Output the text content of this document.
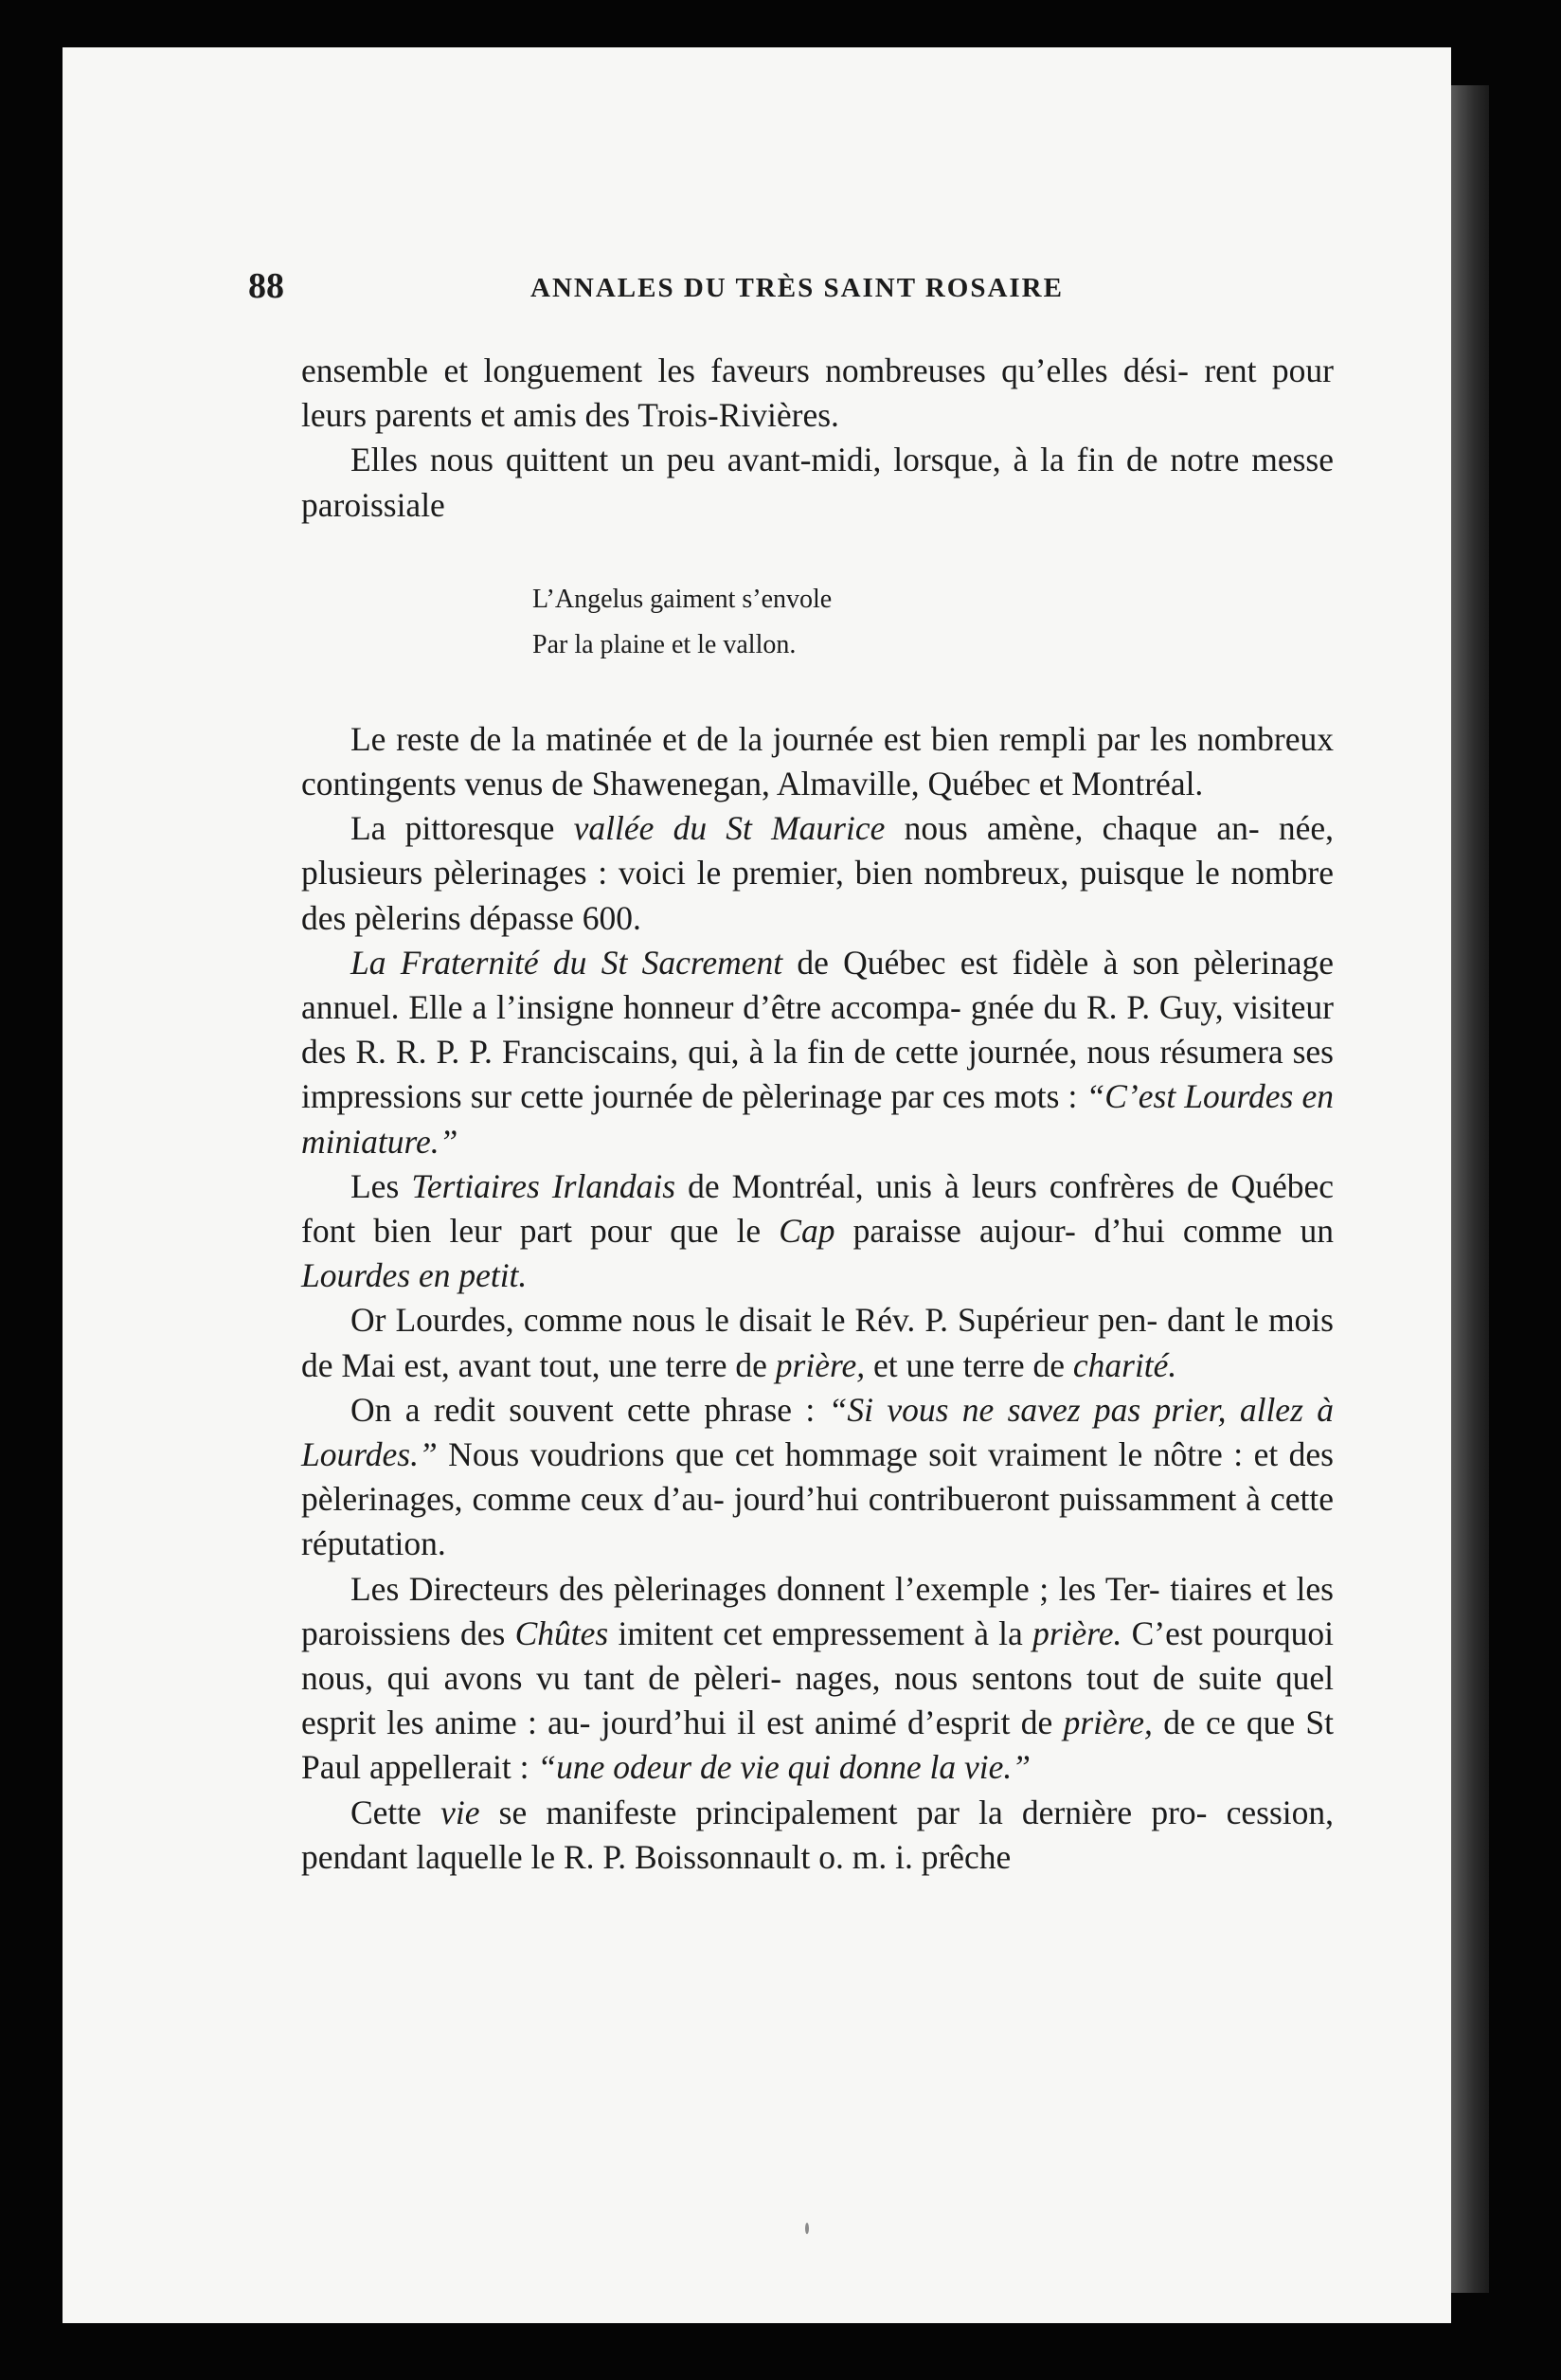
88	ANNALES DU TRÈS SAINT ROSAIRE

ensemble et longuement les faveurs nombreuses qu’elles dési- rent pour leurs parents et amis des Trois-Rivières.

Elles nous quittent un peu avant-midi, lorsque, à la fin de notre messe paroissiale

L’Angelus gaiment s’envole
Par la plaine et le vallon.

Le reste de la matinée et de la journée est bien rempli par les nombreux contingents venus de Shawenegan, Almaville, Québec et Montréal.

La pittoresque vallée du St Maurice nous amène, chaque an- née, plusieurs pèlerinages : voici le premier, bien nombreux, puisque le nombre des pèlerins dépasse 600.

La Fraternité du St Sacrement de Québec est fidèle à son pèlerinage annuel. Elle a l’insigne honneur d’être accompa- gnée du R. P. Guy, visiteur des R. R. P. P. Franciscains, qui, à la fin de cette journée, nous résumera ses impressions sur cette journée de pèlerinage par ces mots : “C’est Lourdes en miniature.”

Les Tertiaires Irlandais de Montréal, unis à leurs confrères de Québec font bien leur part pour que le Cap paraisse aujour- d’hui comme un Lourdes en petit.

Or Lourdes, comme nous le disait le Rév. P. Supérieur pen- dant le mois de Mai est, avant tout, une terre de prière, et une terre de charité.

On a redit souvent cette phrase : “Si vous ne savez pas prier, allez à Lourdes.” Nous voudrions que cet hommage soit vraiment le nôtre : et des pèlerinages, comme ceux d’au- jourd’hui contribueront puissamment à cette réputation.

Les Directeurs des pèlerinages donnent l’exemple ; les Ter- tiaires et les paroissiens des Chûtes imitent cet empressement à la prière. C’est pourquoi nous, qui avons vu tant de pèleri- nages, nous sentons tout de suite quel esprit les anime : au- jourd’hui il est animé d’esprit de prière, de ce que St Paul appellerait : “une odeur de vie qui donne la vie.”

Cette vie se manifeste principalement par la dernière pro- cession, pendant laquelle le R. P. Boissonnault o. m. i. prêche
